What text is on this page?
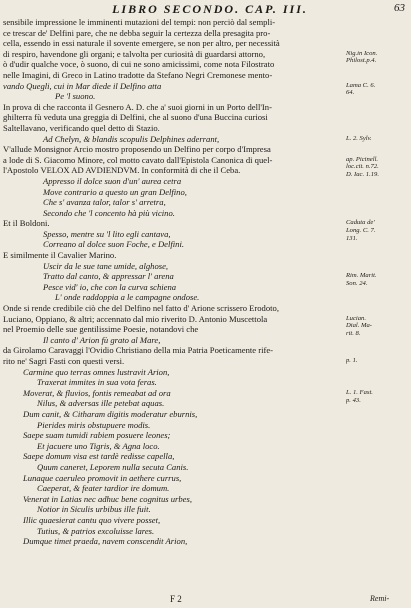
LIBRO SECONDO. CAP. III.	63
sensibile impressione le imminenti mutazioni del tempi: non perciò dal sempli-
ce trescar de' Delfini pare, che ne debba seguir la certezza della presagita pro-
cella, essendo in essi naturale il sovente emergere, se non per altro, per necessità
di respiro, havendone gli organi; e talvolta per curiosità di guardarsi attorno,
ò d'udir qualche voce, ò suono, di cui ne sono amicissimi, come nota Filostrato
nelle Imagini, di Greco in Latino tradotte da Stefano Negri Cremonese mento-
vando Quegli, cui in Mar diede il Delfino atta
Pe 'l suono.
In prova di che racconta il Gesnero A. D. che a' suoi giorni in un Porto dell'In-
ghilterra fù veduta una greggia di Delfini, che al suono d'una Buccina curiosi
Saltellavano, verificando quel detto di Stazio.
Ad Chelyn, & blandis scopulis Delphines aderrant,
V'allude Monsignor Arcio mostro proposendo un Delfino per corpo d'Impresa
a lode di S. Giacomo Minore, col motto cavato dall'Epistola Canonica di quel-
l'Apostolo VELOX AD AVDIENDVM. In conformità di che il Ceba.
Appresso il dolce suon d'un' aurea cetra
Move contrario a questo un gran Delfino,
Che s' avanza talor, talor s' arretra,
Secondo che 'l concento hà più vicino.
Et il Boldoni.
Spesso, mentre su 'l lito egli cantava,
Correano al dolce suon Foche, e Delfini.
E similmente il Cavalier Marino.
Uscir da le sue tane umide, alghose,
Tratto dal canto, & appressar l' arena
Pesce vid' io, che con la curva schiena
L' onde raddoppia a le campagne ondose.
Onde si rende credibile ciò che del Delfino nel fatto d' Arione scrissero Erodoto,
Luciano, Oppiano, & altri; accennato dal mio riverito D. Antonio Muscettola
nel Proemio delle sue gentilissime Poesie, notandovi che
Il canto d' Arion fù grato al Mare,
da Girolamo Caravaggi l'Ovidio Christiano della mia Patria Poeticamente rife-
rito ne' Sagri Fasti con questi versi.
Carmine quo terras omnes lustravit Arion,
Traxerat immites in sua vota feras.
Moverat, & fluvios, fontis remeabat ad ora
Nilus, & adversas ille petebat aquas.
Dum canit, & Citharam digitis moderatur eburnis,
Pierides miris obstupuere modis.
Saepe suam tumidi rabiem posuere leones;
Et jacuere uno Tigris, & Agna loco.
Saepe domum visa est tardè redisse capella,
Quum caneret, Leporem nulla secuta Canis.
Lunaque caeruleo promovit in aethere currus,
Caeperat, & feater tardior ire domum.
Venerat in Latias nec adhuc bene cognitus urbes,
Notior in Siculis urbibus ille fuit.
Illic quaesierat cantu quo vivere posset,
Tutius, & patrios excoluisse lares.
Dumque timet praeda, navem conscendit Arion,
Nig.in Icon.
Philost.p.4.
Lama C. 6.
64.
L. 2. Sylv.
ap. Picinell.
loc.cit. n.72.
D. Iac. 1.19.
Caduta de'
Long. C. 7.
131.
Rim. Marit.
Son. 24.
Lucian.
Dial. Ma-
rit. 8.
p. 1.
L. 1. Fast.
p. 43.
F 2	Remi-
